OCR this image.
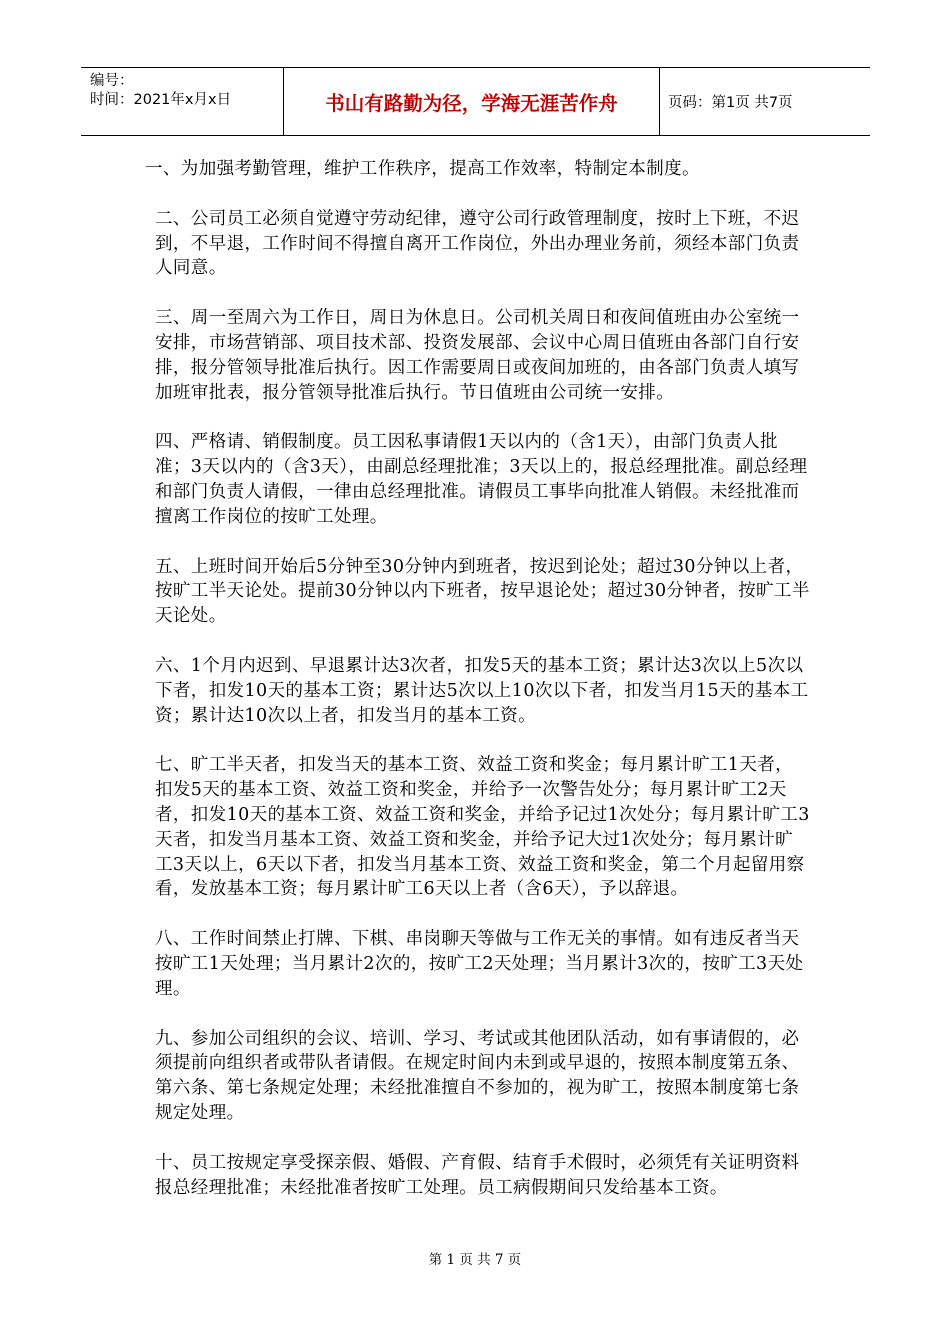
编号：
时间：2021年x月x日	书山有路勤为径，学海无涯苦作舟	页码：第1页 共7页

一、为加强考勤管理，维护工作秩序，提高工作效率，特制定本制度。

二、公司员工必须自觉遵守劳动纪律，遵守公司行政管理制度，按时上下班，不迟到，不早退，工作时间不得擅自离开工作岗位，外出办理业务前，须经本部门负责人同意。

三、周一至周六为工作日，周日为休息日。公司机关周日和夜间值班由办公室统一安排，市场营销部、项目技术部、投资发展部、会议中心周日值班由各部门自行安排，报分管领导批准后执行。因工作需要周日或夜间加班的，由各部门负责人填写加班审批表，报分管领导批准后执行。节日值班由公司统一安排。

四、严格请、销假制度。员工因私事请假1天以内的（含1天），由部门负责人批准；3天以内的（含3天），由副总经理批准；3天以上的，报总经理批准。副总经理和部门负责人请假，一律由总经理批准。请假员工事毕向批准人销假。未经批准而擅离工作岗位的按旷工处理。

五、上班时间开始后5分钟至30分钟内到班者，按迟到论处；超过30分钟以上者，按旷工半天论处。提前30分钟以内下班者，按早退论处；超过30分钟者，按旷工半天论处。

六、1个月内迟到、早退累计达3次者，扣发5天的基本工资；累计达3次以上5次以下者，扣发10天的基本工资；累计达5次以上10次以下者，扣发当月15天的基本工资；累计达10次以上者，扣发当月的基本工资。

七、旷工半天者，扣发当天的基本工资、效益工资和奖金；每月累计旷工1天者，扣发5天的基本工资、效益工资和奖金，并给予一次警告处分；每月累计旷工2天者，扣发10天的基本工资、效益工资和奖金，并给予记过1次处分；每月累计旷工3天者，扣发当月基本工资、效益工资和奖金，并给予记大过1次处分；每月累计旷工3天以上，6天以下者，扣发当月基本工资、效益工资和奖金，第二个月起留用察看，发放基本工资；每月累计旷工6天以上者（含6天），予以辞退。

八、工作时间禁止打牌、下棋、串岗聊天等做与工作无关的事情。如有违反者当天按旷工1天处理；当月累计2次的，按旷工2天处理；当月累计3次的，按旷工3天处理。

九、参加公司组织的会议、培训、学习、考试或其他团队活动，如有事请假的，必须提前向组织者或带队者请假。在规定时间内未到或早退的，按照本制度第五条、第六条、第七条规定处理；未经批准擅自不参加的，视为旷工，按照本制度第七条规定处理。

十、员工按规定享受探亲假、婚假、产育假、结育手术假时，必须凭有关证明资料报总经理批准；未经批准者按旷工处理。员工病假期间只发给基本工资。

第 1 页 共 7 页
